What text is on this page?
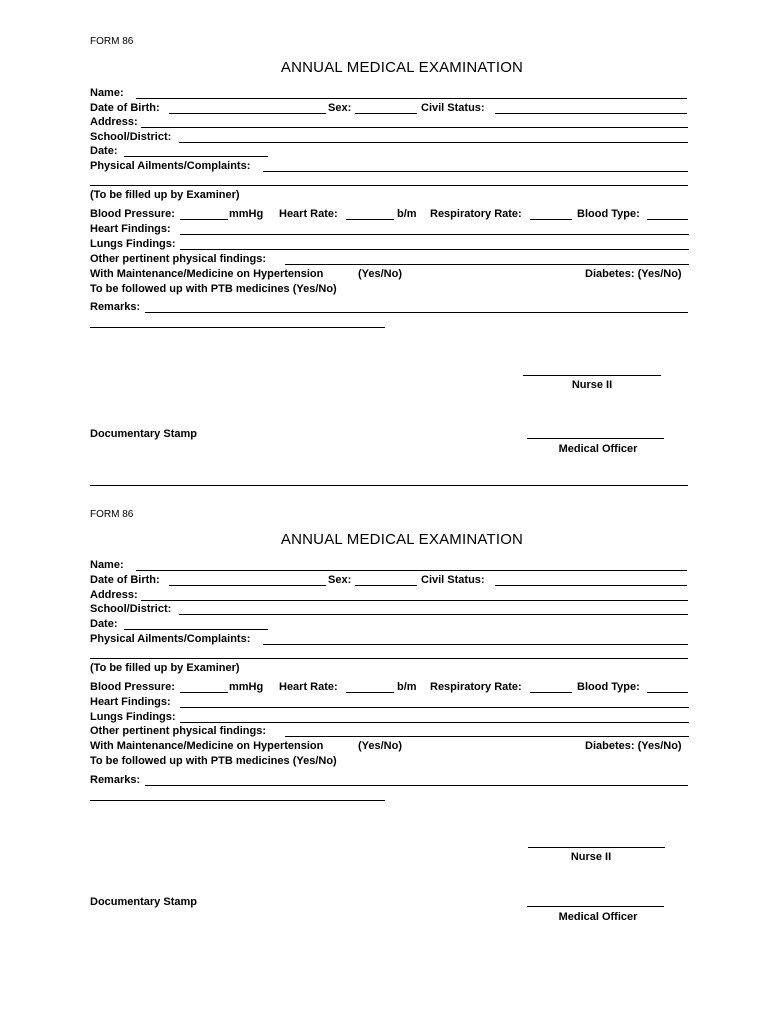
FORM 86
ANNUAL MEDICAL EXAMINATION
Name:
Date of Birth:	Sex:	Civil Status:
Address:
School/District:
Date:
Physical Ailments/Complaints:
(To be filled up by Examiner)
Blood Pressure:	mmHg Heart Rate:	b/m Respiratory Rate:	Blood Type:
Heart Findings:
Lungs Findings:
Other pertinent physical findings:
With Maintenance/Medicine on Hypertension	(Yes/No)	Diabetes: (Yes/No)
To be followed up with PTB medicines (Yes/No)
Remarks:
Nurse II
Documentary Stamp
Medical Officer
FORM 86
ANNUAL MEDICAL EXAMINATION
Name:
Date of Birth:	Sex:	Civil Status:
Address:
School/District:
Date:
Physical Ailments/Complaints:
(To be filled up by Examiner)
Blood Pressure:	mmHg Heart Rate:	b/m Respiratory Rate:	Blood Type:
Heart Findings:
Lungs Findings:
Other pertinent physical findings:
With Maintenance/Medicine on Hypertension	(Yes/No)	Diabetes: (Yes/No)
To be followed up with PTB medicines (Yes/No)
Remarks:
Nurse II
Documentary Stamp
Medical Officer
